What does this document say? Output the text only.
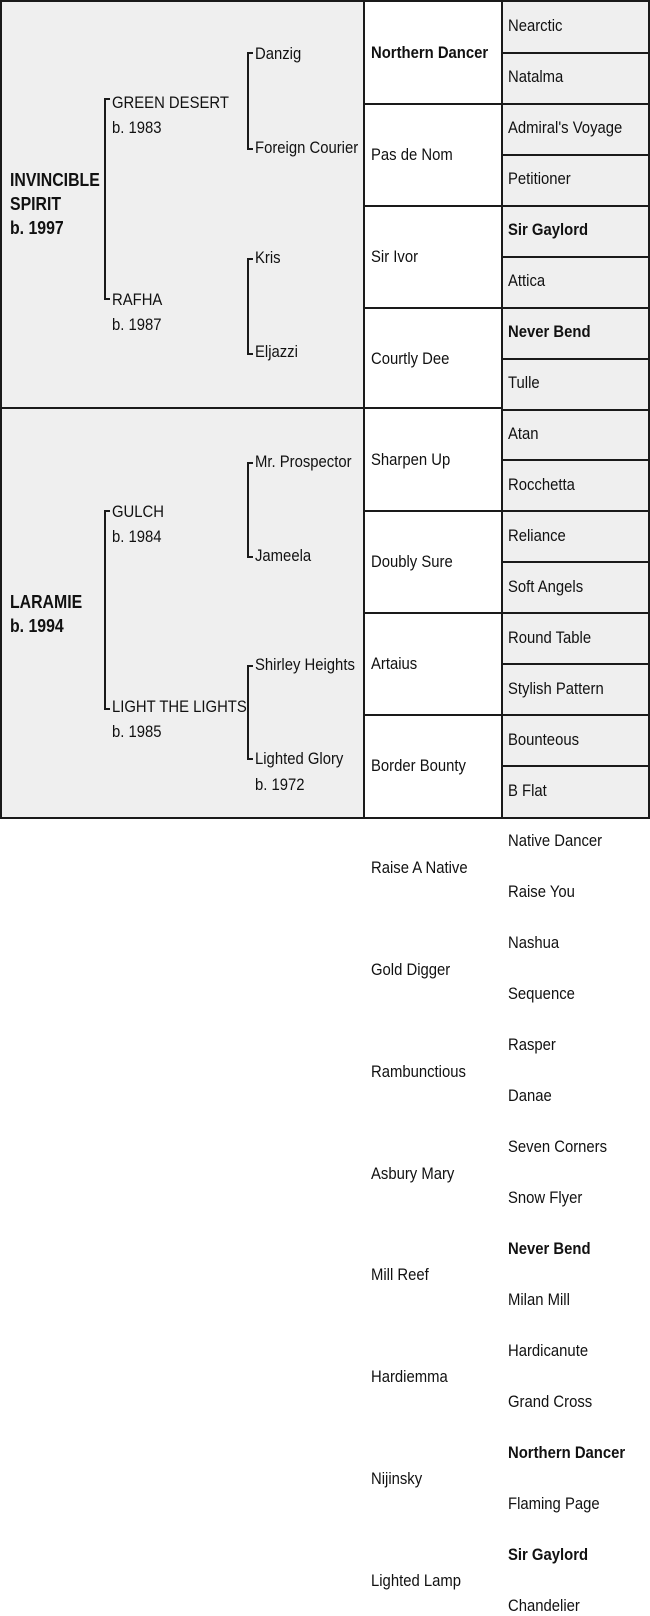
INVINCIBLE
SPIRIT
b. 1997
GREEN DESERT
b. 1983
Danzig	Northern Dancer
Nearctic
Natalma
Pas de Nom
Admiral's Voyage
Petitioner
Foreign Courier
Sir Ivor
Sir Gaylord
Attica
Courtly Dee
Never Bend
Tulle
RAFHA
b. 1987
Kris
Sharpen Up
Atan
Rocchetta
Doubly Sure
Reliance
Soft Angels
Eljazzi
Artaius
Round Table
Stylish Pattern
Border Bounty
Bounteous
B Flat
LARAMIE
b. 1994
GULCH
b. 1984
Mr. Prospector
Raise A Native
Native Dancer
Raise You
Gold Digger
Nashua
Sequence
Jameela
Rambunctious
Rasper
Danae
Asbury Mary
Seven Corners
Snow Flyer
LIGHT THE LIGHTS
b. 1985
Shirley Heights
Mill Reef
Never Bend
Milan Mill
Hardiemma
Hardicanute
Grand Cross
Lighted Glory
b. 1972
Nijinsky
Northern Dancer
Flaming Page
Lighted Lamp
Sir Gaylord
Chandelier
